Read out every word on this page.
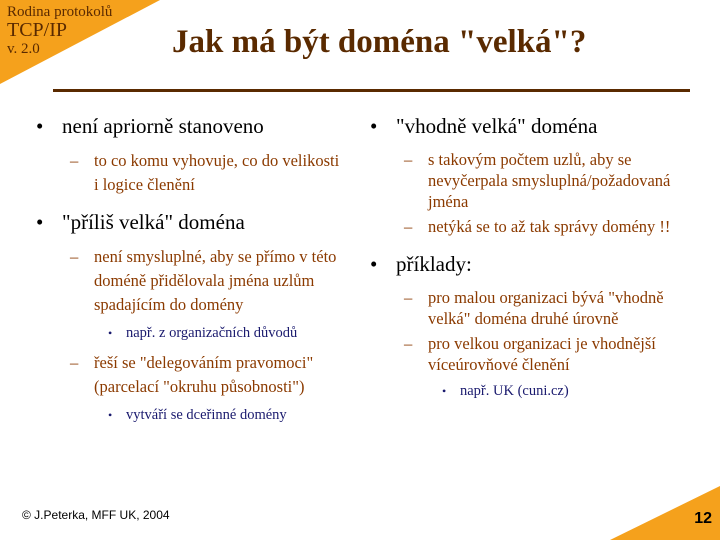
Rodina protokolů
TCP/IP
v. 2.0	Jak má být doména "velká"?
• není apriorně stanoveno
– to co komu vyhovuje, co do velikosti i logice členění
• "příliš velká" doména
– není smysluplné, aby se přímo v této doméně přidělovala jména uzlům spadajícím do domény
• např. z organizačních důvodů
– řeší se "delegováním pravomoci" (parcelací "okruhu působnosti")
• vytváří se dceřinné domény
• "vhodně velká" doména
– s takovým počtem uzlů, aby se nevyčerpala smysluplná/požadovaná jména
– netýká se to až tak správy domény !!
• příklady:
– pro malou organizaci bývá "vhodně velká" doména druhé úrovně
– pro velkou organizaci je vhodnější víceúrovňové členění
• např. UK (cuni.cz)
© J.Peterka, MFF UK, 2004	12
